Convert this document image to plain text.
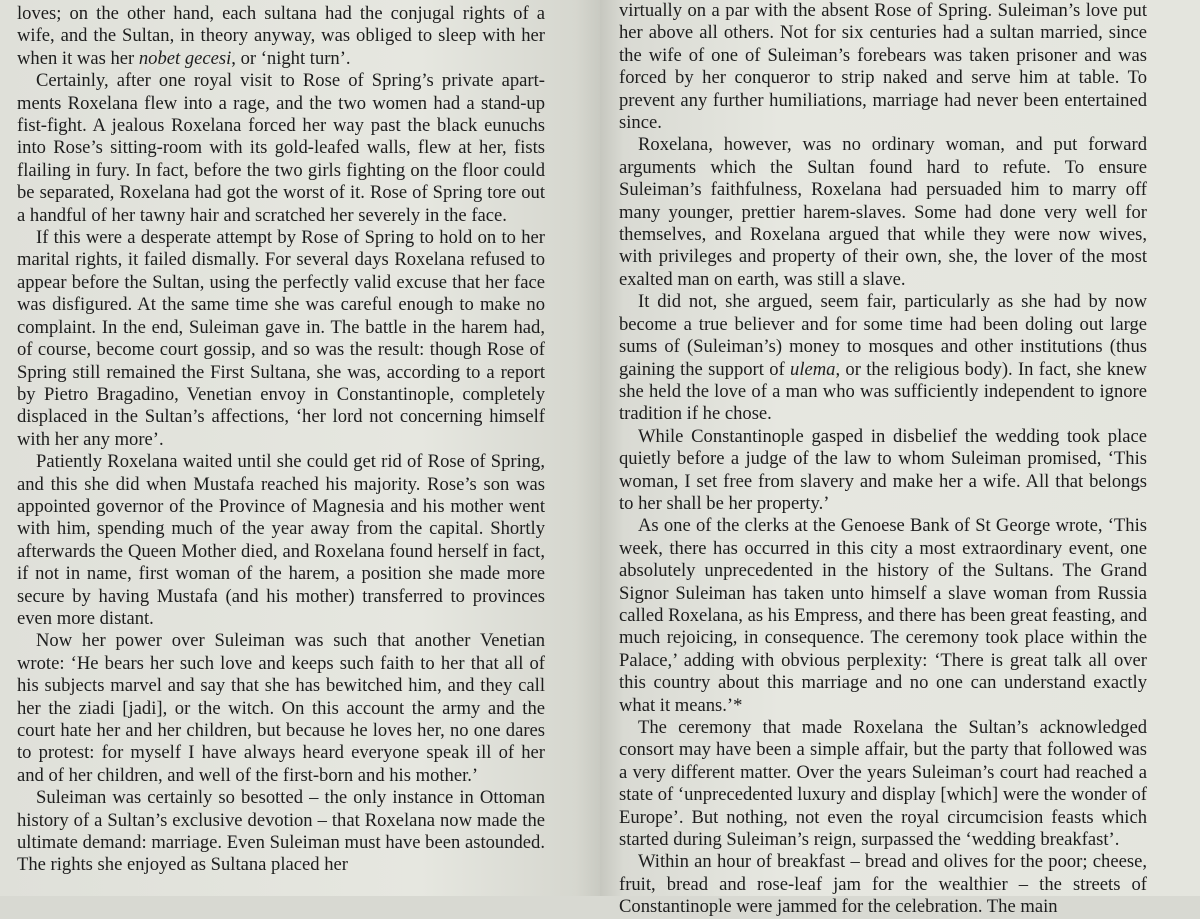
loves; on the other hand, each sultana had the conjugal rights of a wife, and the Sultan, in theory anyway, was obliged to sleep with her when it was her nobet gecesi, or ‘night turn’.

Certainly, after one royal visit to Rose of Spring’s private apartments Roxelana flew into a rage, and the two women had a stand-up fist-fight. A jealous Roxelana forced her way past the black eunuchs into Rose’s sitting-room with its gold-leafed walls, flew at her, fists flailing in fury. In fact, before the two girls fighting on the floor could be separated, Roxelana had got the worst of it. Rose of Spring tore out a handful of her tawny hair and scratched her severely in the face.

If this were a desperate attempt by Rose of Spring to hold on to her marital rights, it failed dismally. For several days Roxelana refused to appear before the Sultan, using the perfectly valid excuse that her face was disfigured. At the same time she was careful enough to make no complaint. In the end, Suleiman gave in. The battle in the harem had, of course, become court gossip, and so was the result: though Rose of Spring still remained the First Sultana, she was, according to a report by Pietro Bragadino, Venetian envoy in Constantinople, completely displaced in the Sultan’s affections, ‘her lord not concerning himself with her any more’.

Patiently Roxelana waited until she could get rid of Rose of Spring, and this she did when Mustafa reached his majority. Rose’s son was appointed governor of the Province of Magnesia and his mother went with him, spending much of the year away from the capital. Shortly afterwards the Queen Mother died, and Roxelana found herself in fact, if not in name, first woman of the harem, a position she made more secure by having Mustafa (and his mother) transferred to provinces even more distant.

Now her power over Suleiman was such that another Venetian wrote: ‘He bears her such love and keeps such faith to her that all of his subjects marvel and say that she has bewitched him, and they call her the ziadi [jadi], or the witch. On this account the army and the court hate her and her children, but because he loves her, no one dares to protest: for myself I have always heard everyone speak ill of her and of her children, and well of the first-born and his mother.’

Suleiman was certainly so besotted – the only instance in Ottoman history of a Sultan’s exclusive devotion – that Roxelana now made the ultimate demand: marriage. Even Suleiman must have been astounded. The rights she enjoyed as Sultana placed her

virtually on a par with the absent Rose of Spring. Suleiman’s love put her above all others. Not for six centuries had a sultan married, since the wife of one of Suleiman’s forebears was taken prisoner and was forced by her conqueror to strip naked and serve him at table. To prevent any further humiliations, marriage had never been entertained since.

Roxelana, however, was no ordinary woman, and put forward arguments which the Sultan found hard to refute. To ensure Suleiman’s faithfulness, Roxelana had persuaded him to marry off many younger, prettier harem-slaves. Some had done very well for themselves, and Roxelana argued that while they were now wives, with privileges and property of their own, she, the lover of the most exalted man on earth, was still a slave.

It did not, she argued, seem fair, particularly as she had by now become a true believer and for some time had been doling out large sums of (Suleiman’s) money to mosques and other institutions (thus gaining the support of ulema, or the religious body). In fact, she knew she held the love of a man who was sufficiently independent to ignore tradition if he chose.

While Constantinople gasped in disbelief the wedding took place quietly before a judge of the law to whom Suleiman promised, ‘This woman, I set free from slavery and make her a wife. All that belongs to her shall be her property.’

As one of the clerks at the Genoese Bank of St George wrote, ‘This week, there has occurred in this city a most extraordinary event, one absolutely unprecedented in the history of the Sultans. The Grand Signor Suleiman has taken unto himself a slave woman from Russia called Roxelana, as his Empress, and there has been great feasting, and much rejoicing, in consequence. The ceremony took place within the Palace,’ adding with obvious perplexity: ‘There is great talk all over this country about this marriage and no one can understand exactly what it means.’*

The ceremony that made Roxelana the Sultan’s acknowledged consort may have been a simple affair, but the party that followed was a very different matter. Over the years Suleiman’s court had reached a state of ‘unprecedented luxury and display [which] were the wonder of Europe’. But nothing, not even the royal circumcision feasts which started during Suleiman’s reign, surpassed the ‘wedding breakfast’.

Within an hour of breakfast – bread and olives for the poor; cheese, fruit, bread and rose-leaf jam for the wealthier – the streets of Constantinople were jammed for the celebration. The main
